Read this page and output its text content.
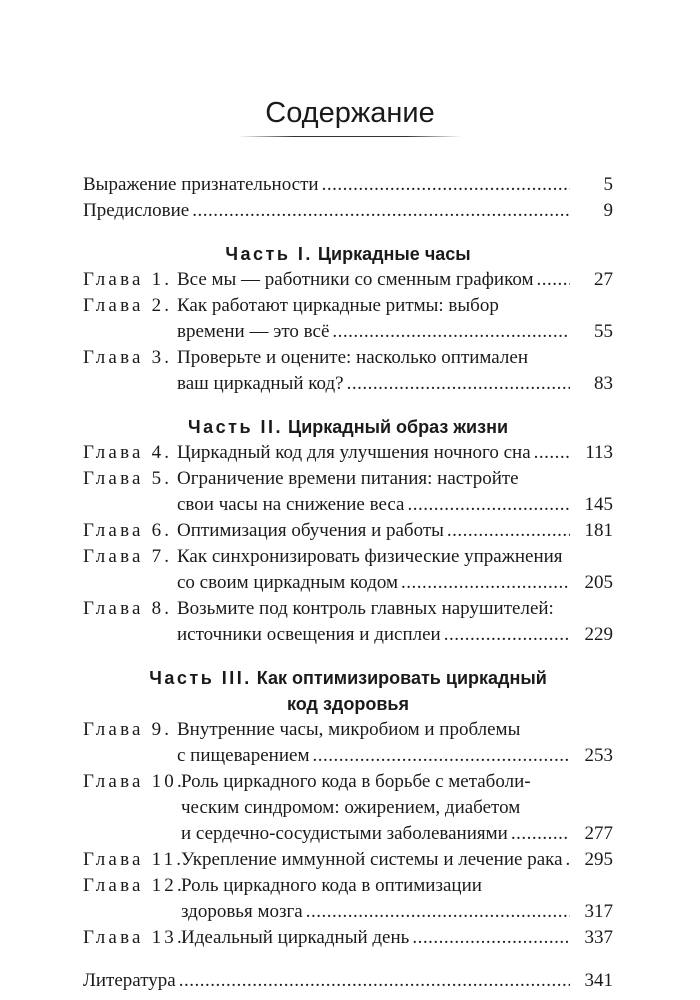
Содержание
Выражение признательности .....	5
Предисловие .....	9
Часть I. Циркадные часы
Глава 1. Все мы — работники со сменным графиком .....	27
Глава 2. Как работают циркадные ритмы: выбор
времени — это всё .....	55
Глава 3. Проверьте и оцените: насколько оптимален
ваш циркадный код? .....	83
Часть II. Циркадный образ жизни
Глава 4. Циркадный код для улучшения ночного сна .....	113
Глава 5. Ограничение времени питания: настройте
свои часы на снижение веса .....	145
Глава 6. Оптимизация обучения и работы .....	181
Глава 7. Как синхронизировать физические упражнения
со своим циркадным кодом .....	205
Глава 8. Возьмите под контроль главных нарушителей:
источники освещения и дисплеи .....	229
Часть III. Как оптимизировать циркадный
код здоровья
Глава 9. Внутренние часы, микробиом и проблемы
с пищеварением .....	253
Глава 10.
Роль циркадного кода в борьбе с метаболи-
ческим синдромом: ожирением, диабетом
и сердечно-сосудистыми заболеваниями .....	277
Глава 11.
Укрепление иммунной системы и лечение рака .....	295
Глава 12.
Роль циркадного кода в оптимизации
здоровья мозга .....	317
Глава 13.
Идеальный циркадный день .....	337
Литература .....	341
